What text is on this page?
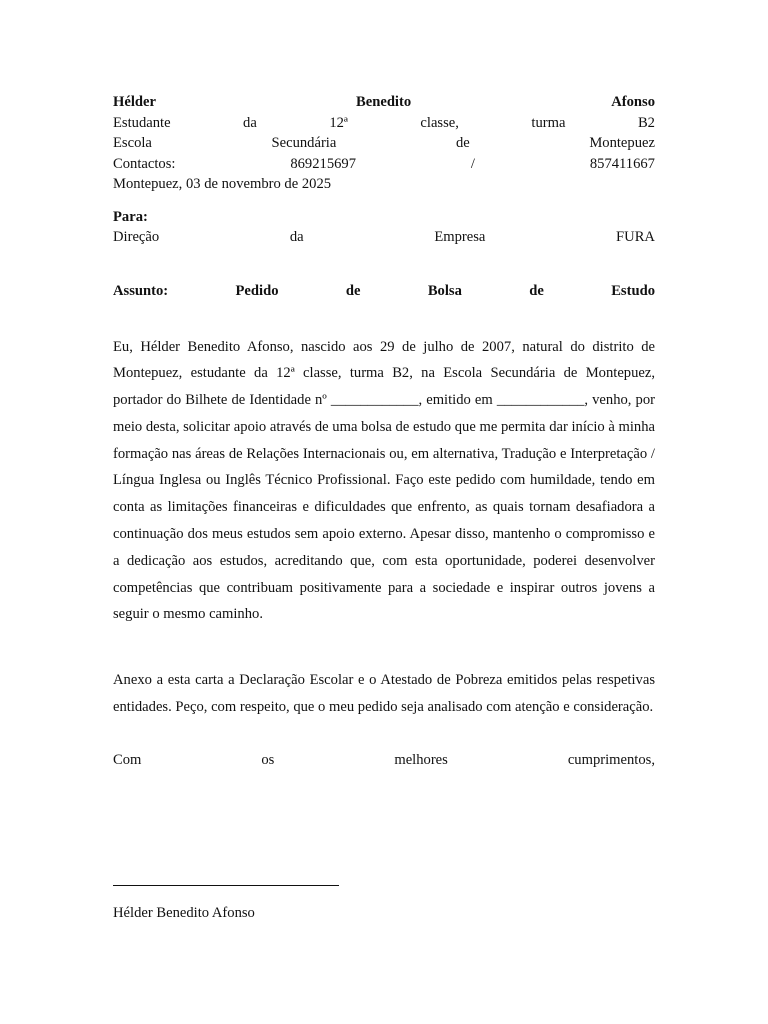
Hélder	Benedito	Afonso
Estudante	da	12ª	classe,	turma	B2
Escola	Secundária	de	Montepuez
Contactos:	869215697	/	857411667
Montepuez, 03 de novembro de 2025
Para:
Direção	da	Empresa	FURA
Assunto:	Pedido	de	Bolsa	de	Estudo

Eu, Hélder Benedito Afonso, nascido aos 29 de julho de 2007, natural do distrito de Montepuez, estudante da 12ª classe, turma B2, na Escola Secundária de Montepuez, portador do Bilhete de Identidade nº ____________, emitido em ____________, venho, por meio desta, solicitar apoio através de uma bolsa de estudo que me permita dar início à minha formação nas áreas de Relações Internacionais ou, em alternativa, Tradução e Interpretação / Língua Inglesa ou Inglês Técnico Profissional. Faço este pedido com humildade, tendo em conta as limitações financeiras e dificuldades que enfrento, as quais tornam desafiadora a continuação dos meus estudos sem apoio externo. Apesar disso, mantenho o compromisso e a dedicação aos estudos, acreditando que, com esta oportunidade, poderei desenvolver competências que contribuam positivamente para a sociedade e inspirar outros jovens a seguir o mesmo caminho.

Anexo a esta carta a Declaração Escolar e o Atestado de Pobreza emitidos pelas respetivas entidades. Peço, com respeito, que o meu pedido seja analisado com atenção e consideração.

Com	os	melhores	cumprimentos,
Hélder Benedito Afonso
